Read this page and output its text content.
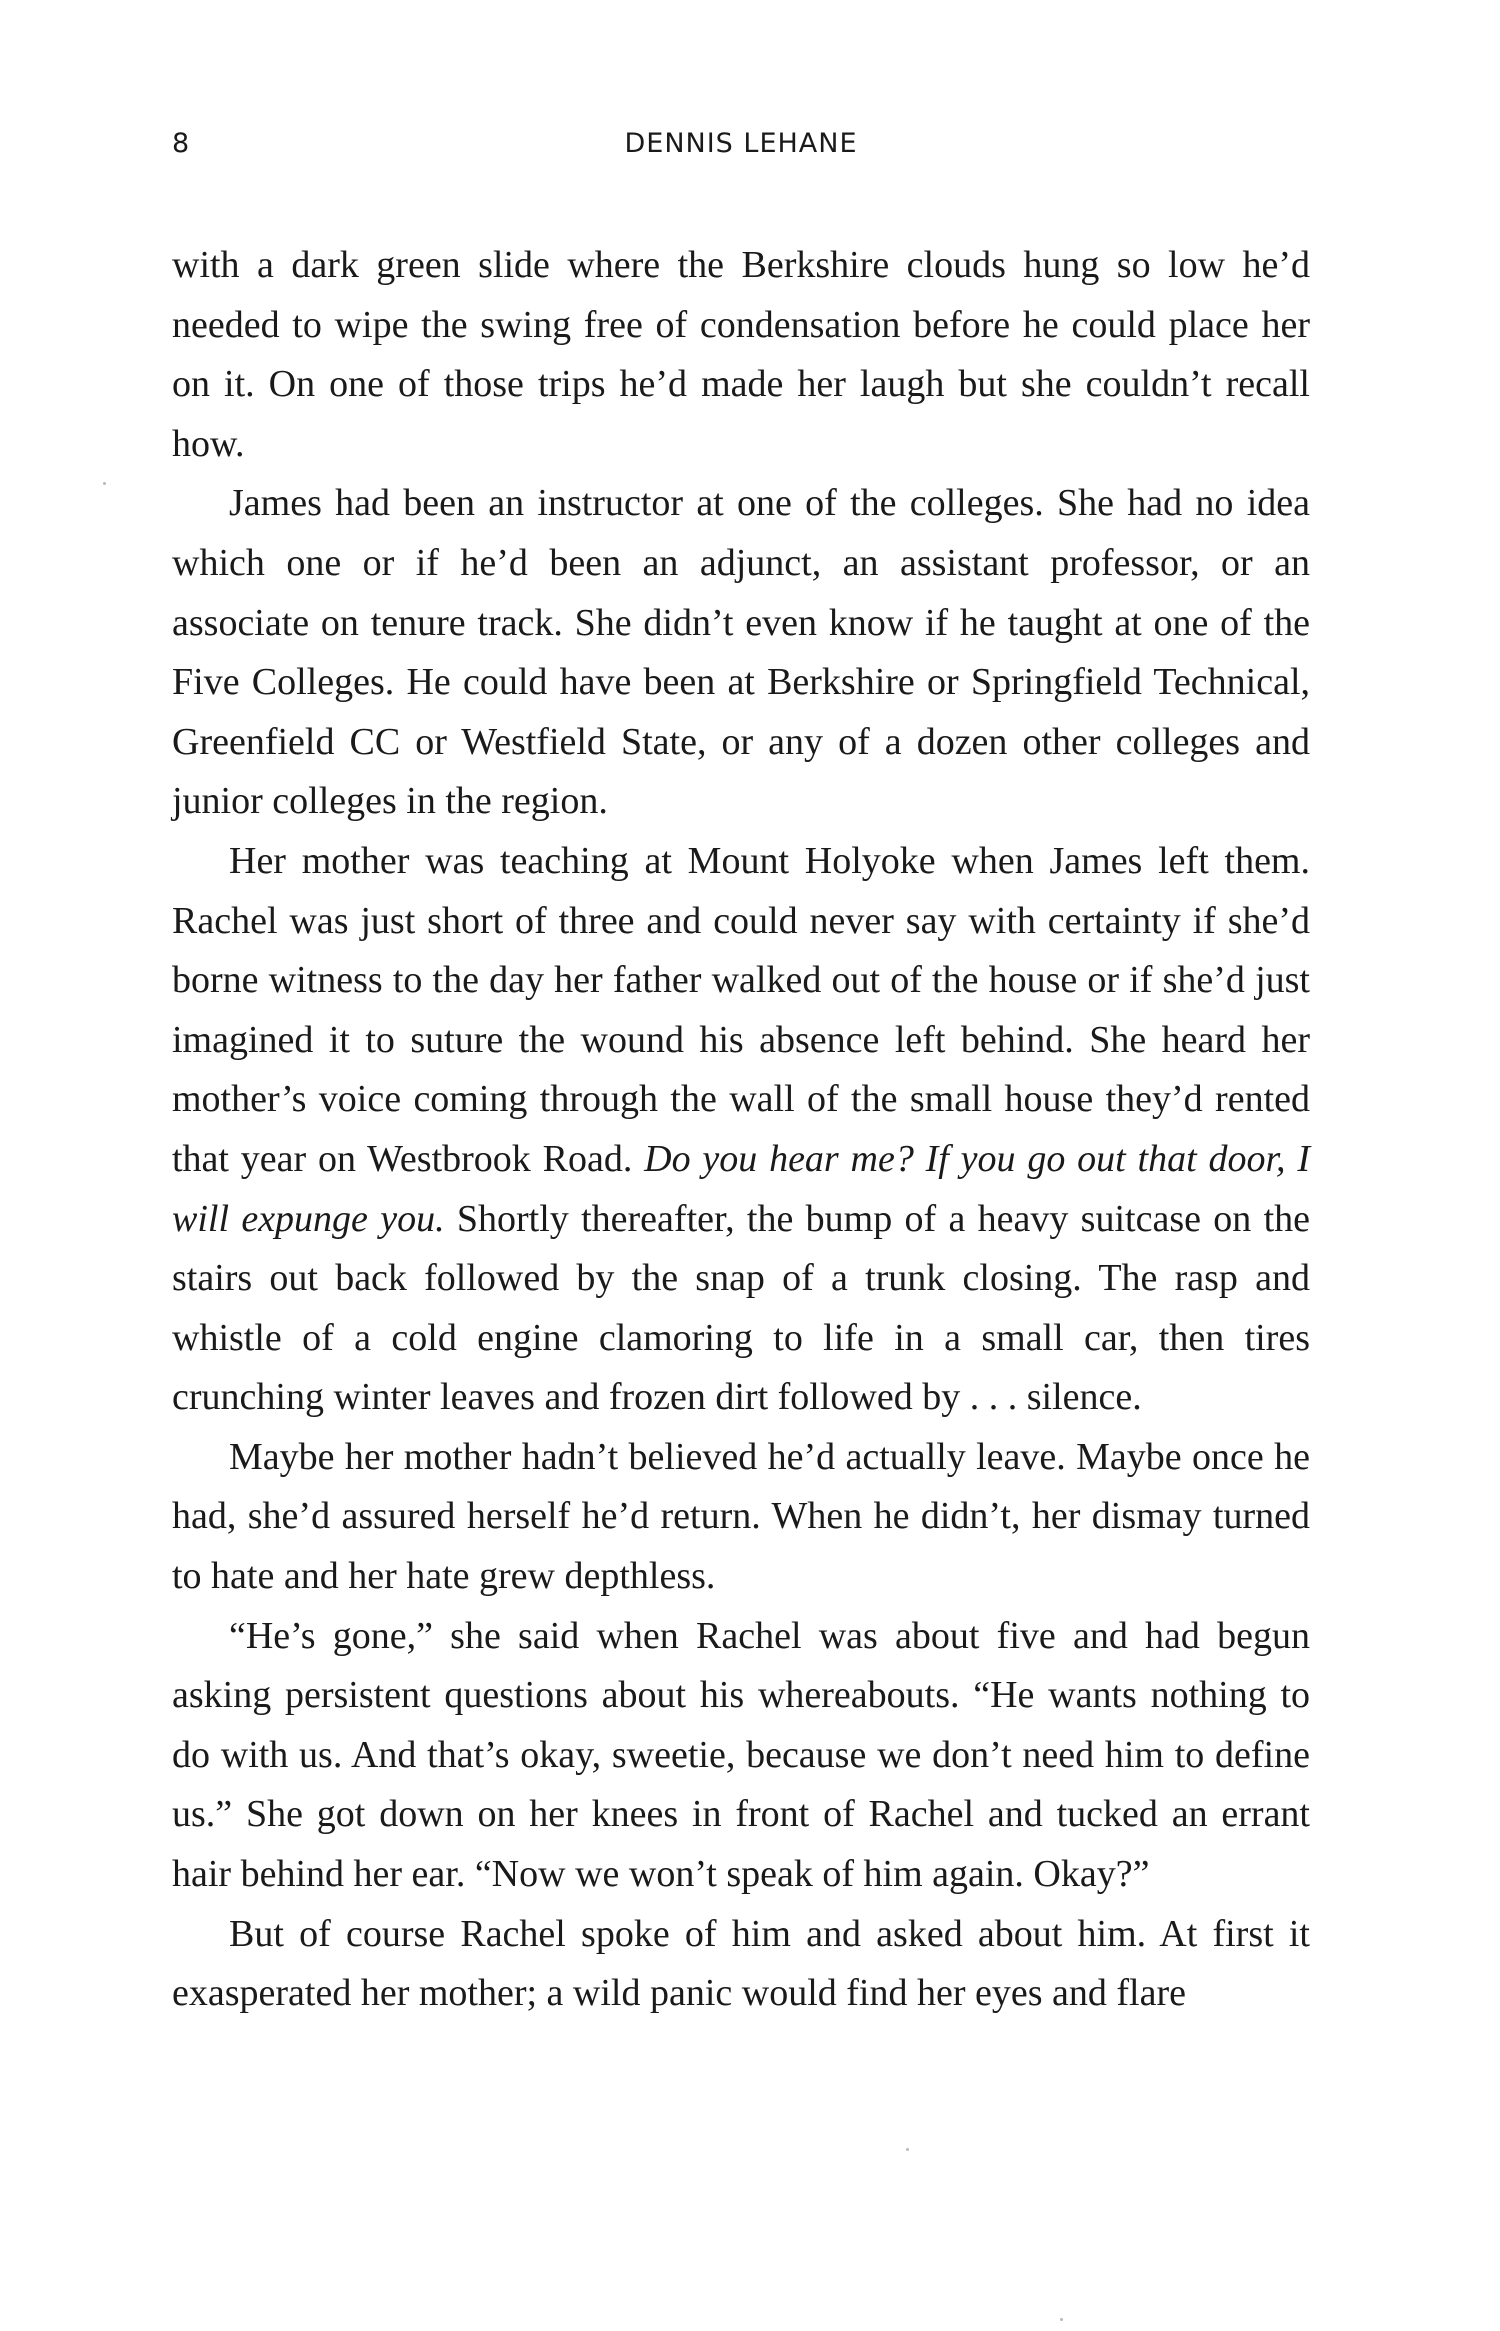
8	DENNIS LEHANE

with a dark green slide where the Berkshire clouds hung so low he’d needed to wipe the swing free of condensation before he could place her on it. On one of those trips he’d made her laugh but she couldn’t recall how.

James had been an instructor at one of the colleges. She had no idea which one or if he’d been an adjunct, an assistant professor, or an associate on tenure track. She didn’t even know if he taught at one of the Five Colleges. He could have been at Berkshire or Springfield Technical, Greenfield CC or Westfield State, or any of a dozen other colleges and junior colleges in the region.

Her mother was teaching at Mount Holyoke when James left them. Rachel was just short of three and could never say with certainty if she’d borne witness to the day her father walked out of the house or if she’d just imagined it to suture the wound his absence left behind. She heard her mother’s voice coming through the wall of the small house they’d rented that year on Westbrook Road. Do you hear me? If you go out that door, I will expunge you. Shortly thereafter, the bump of a heavy suitcase on the stairs out back followed by the snap of a trunk closing. The rasp and whistle of a cold engine clamoring to life in a small car, then tires crunching winter leaves and frozen dirt followed by . . . silence.

Maybe her mother hadn’t believed he’d actually leave. Maybe once he had, she’d assured herself he’d return. When he didn’t, her dismay turned to hate and her hate grew depthless.

“He’s gone,” she said when Rachel was about five and had begun asking persistent questions about his whereabouts. “He wants nothing to do with us. And that’s okay, sweetie, because we don’t need him to define us.” She got down on her knees in front of Rachel and tucked an errant hair behind her ear. “Now we won’t speak of him again. Okay?”

But of course Rachel spoke of him and asked about him. At first it exasperated her mother; a wild panic would find her eyes and flare
